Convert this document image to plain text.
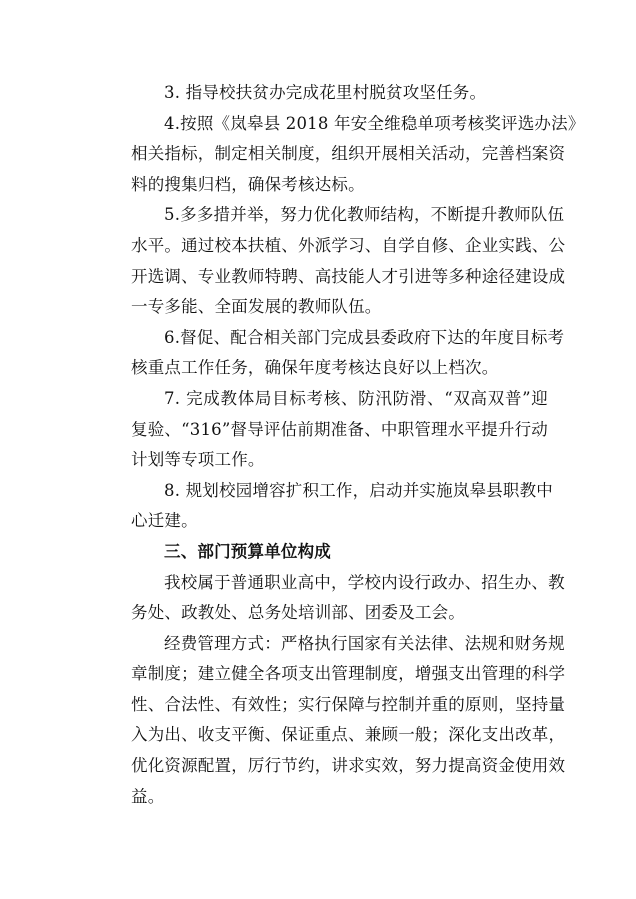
3. 指导校扶贫办完成花里村脱贫攻坚任务。
4.按照《岚皋县 2018 年安全维稳单项考核奖评选办法》
相关指标，制定相关制度，组织开展相关活动，完善档案资
料的搜集归档，确保考核达标。
5.多多措并举，努力优化教师结构，不断提升教师队伍
水平。通过校本扶植、外派学习、自学自修、企业实践、公
开选调、专业教师特聘、高技能人才引进等多种途径建设成
一专多能、全面发展的教师队伍。
6.督促、配合相关部门完成县委政府下达的年度目标考
核重点工作任务，确保年度考核达良好以上档次。
7. 完成教体局目标考核、防汛防滑、“双高双普”迎
复验、“316”督导评估前期准备、中职管理水平提升行动
计划等专项工作。
8. 规划校园增容扩积工作，启动并实施岚皋县职教中
心迁建。
三、部门预算单位构成
我校属于普通职业高中，学校内设行政办、招生办、教
务处、政教处、总务处培训部、团委及工会。
经费管理方式：严格执行国家有关法律、法规和财务规
章制度；建立健全各项支出管理制度，增强支出管理的科学
性、合法性、有效性；实行保障与控制并重的原则，坚持量
入为出、收支平衡、保证重点、兼顾一般；深化支出改革，
优化资源配置，厉行节约，讲求实效，努力提高资金使用效
益。
